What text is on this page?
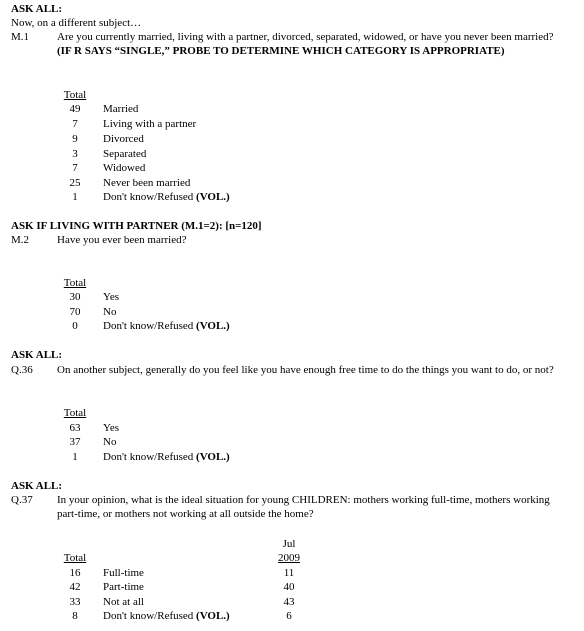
ASK ALL:
Now, on a different subject…
M.1	Are you currently married, living with a partner, divorced, separated, widowed, or have you never been married?
(IF R SAYS “SINGLE,” PROBE TO DETERMINE WHICH CATEGORY IS APPROPRIATE)
Total
49	Married
7	Living with a partner
9	Divorced
3	Separated
7	Widowed
25	Never been married
1	Don't know/Refused (VOL.)
ASK IF LIVING WITH PARTNER (M.1=2): [n=120]
M.2	Have you ever been married?
Total
30	Yes
70	No
0	Don't know/Refused (VOL.)
ASK ALL:
Q.36 On another subject, generally do you feel like you have enough free time to do the things you want to do, or not?
Total
63	Yes
37	No
1	Don't know/Refused (VOL.)
ASK ALL:
Q.37 In your opinion, what is the ideal situation for young CHILDREN: mothers working full-time, mothers working
part-time, or mothers not working at all outside the home?
Jul
2009
Total
16	Full-time	11
42	Part-time	40
33	Not at all	43
8	Don't know/Refused (VOL.)	6
